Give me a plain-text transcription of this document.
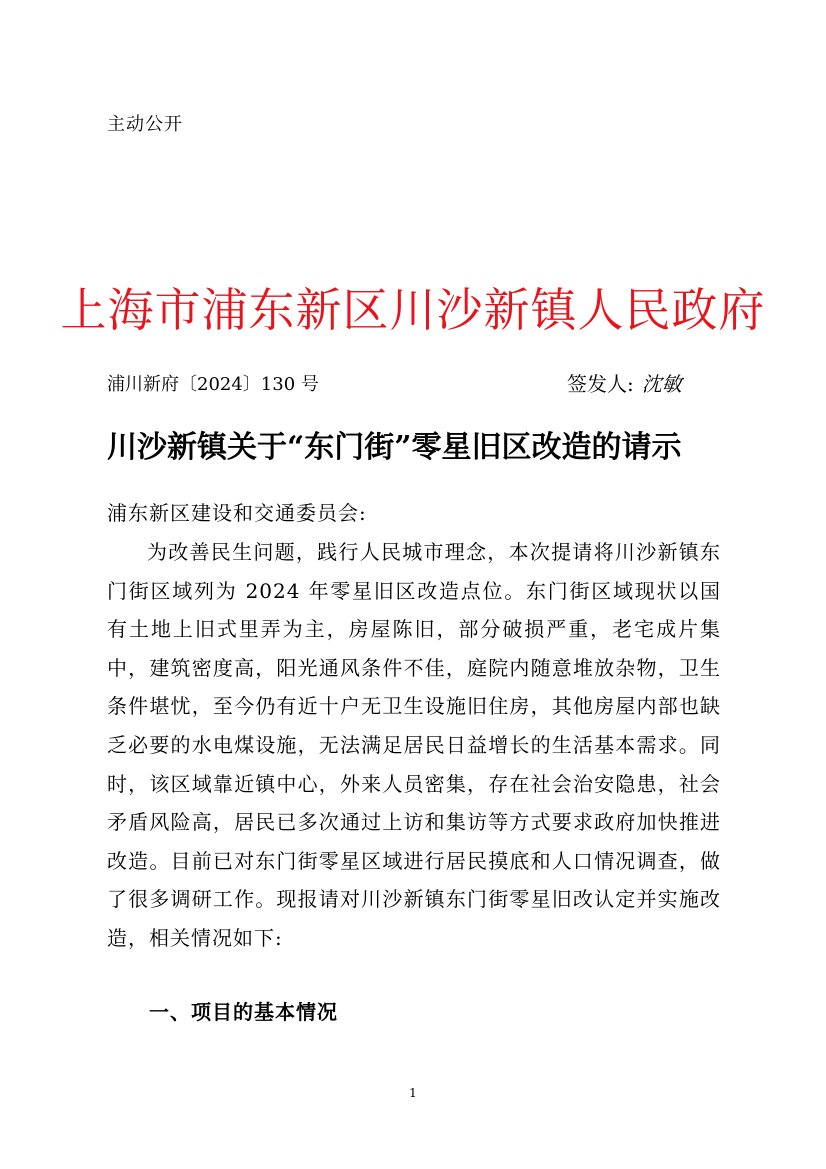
主动公开
上海市浦东新区川沙新镇人民政府
浦川新府〔2024〕130 号	签发人: 沈敏
川沙新镇关于“东门街”零星旧区改造的请示
浦东新区建设和交通委员会:

为改善民生问题，践行人民城市理念，本次提请将川沙新镇东门街区域列为 2024 年零星旧区改造点位。东门街区域现状以国有土地上旧式里弄为主，房屋陈旧，部分破损严重，老宅成片集中，建筑密度高，阳光通风条件不佳，庭院内随意堆放杂物，卫生条件堪忧，至今仍有近十户无卫生设施旧住房，其他房屋内部也缺乏必要的水电煤设施，无法满足居民日益增长的生活基本需求。同时，该区域靠近镇中心，外来人员密集，存在社会治安隐患，社会矛盾风险高，居民已多次通过上访和集访等方式要求政府加快推进改造。目前已对东门街零星区域进行居民摸底和人口情况调查，做了很多调研工作。现报请对川沙新镇东门街零星旧改认定并实施改造，相关情况如下:

一、项目的基本情况
1
